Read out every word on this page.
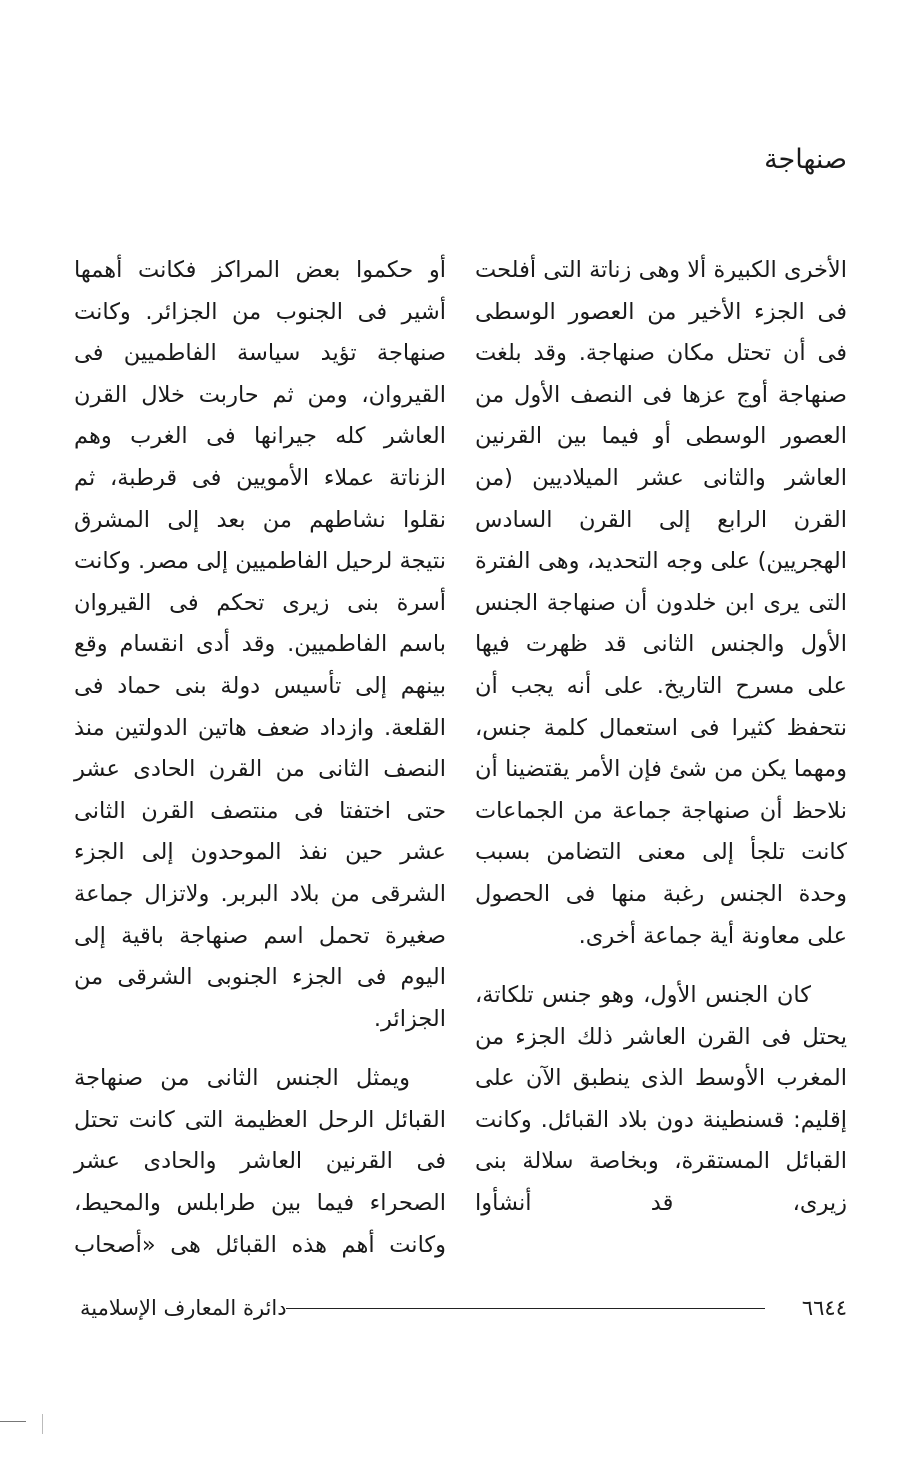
صنهاجة

الأخرى الكبيرة ألا وهى زناتة التى أفلحت فى الجزء الأخير من العصور الوسطى فى أن تحتل مكان صنهاجة. وقد بلغت صنهاجة أوج عزها فى النصف الأول من العصور الوسطى أو فيما بين القرنين العاشر والثانى عشر الميلاديين (من القرن الرابع إلى القرن السادس الهجريين) على وجه التحديد، وهى الفترة التى يرى ابن خلدون أن صنهاجة الجنس الأول والجنس الثانى قد ظهرت فيها على مسرح التاريخ. على أنه يجب أن نتحفظ كثيرا فى استعمال كلمة جنس، ومهما يكن من شئ فإن الأمر يقتضينا أن نلاحظ أن صنهاجة جماعة من الجماعات كانت تلجأ إلى معنى التضامن بسبب وحدة الجنس رغبة منها فى الحصول على معاونة أية جماعة أخرى.

كان الجنس الأول، وهو جنس تلكاتة، يحتل فى القرن العاشر ذلك الجزء من المغرب الأوسط الذى ينطبق الآن على إقليم: قسنطينة دون بلاد القبائل. وكانت القبائل المستقرة، وبخاصة سلالة بنى زيرى، قد أنشأوا

أو حكموا بعض المراكز فكانت أهمها أشير فى الجنوب من الجزائر. وكانت صنهاجة تؤيد سياسة الفاطميين فى القيروان، ومن ثم حاربت خلال القرن العاشر كله جيرانها فى الغرب وهم الزناتة عملاء الأمويين فى قرطبة، ثم نقلوا نشاطهم من بعد إلى المشرق نتيجة لرحيل الفاطميين إلى مصر. وكانت أسرة بنى زيرى تحكم فى القيروان باسم الفاطميين. وقد أدى انقسام وقع بينهم إلى تأسيس دولة بنى حماد فى القلعة. وازداد ضعف هاتين الدولتين منذ النصف الثانى من القرن الحادى عشر حتى اختفتا فى منتصف القرن الثانى عشر حين نفذ الموحدون إلى الجزء الشرقى من بلاد البربر. ولاتزال جماعة صغيرة تحمل اسم صنهاجة باقية إلى اليوم فى الجزء الجنوبى الشرقى من الجزائر.

ويمثل الجنس الثانى من صنهاجة القبائل الرحل العظيمة التى كانت تحتل فى القرنين العاشر والحادى عشر الصحراء فيما بين طرابلس والمحيط، وكانت أهم هذه القبائل هى «أصحاب

دائرة المعارف الإسلامية	٦٦٤٤
